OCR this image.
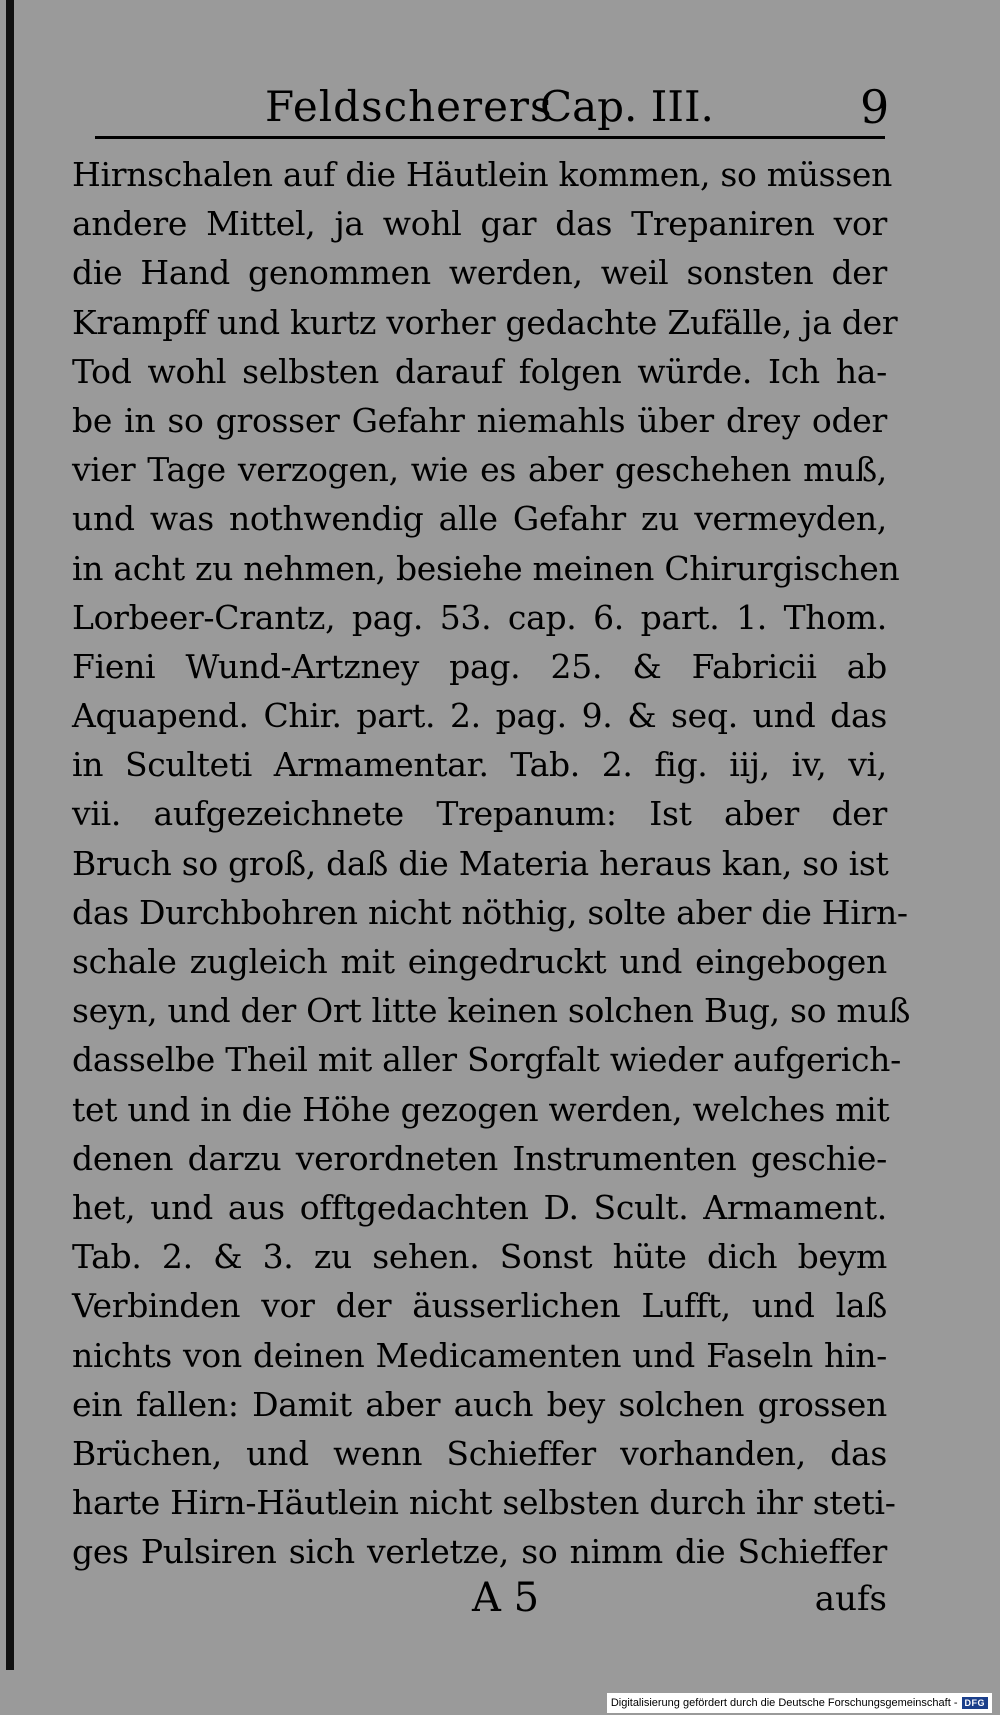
Feldscherers
Cap. III.	9
Hirnschalen auf die Häutlein kommen, so müssen
andere Mittel, ja wohl gar das Trepaniren vor
die Hand genommen werden, weil sonsten der
Krampff und kurtz vorher gedachte Zufälle, ja der
Tod wohl selbsten darauf folgen würde. Ich ha-
be in so grosser Gefahr niemahls über drey oder
vier Tage verzogen, wie es aber geschehen muß,
und was nothwendig alle Gefahr zu vermeyden,
in acht zu nehmen, besiehe meinen Chirurgischen
Lorbeer-Crantz, pag. 53. cap. 6. part. 1. Thom.
Fieni Wund-Artzney pag. 25. & Fabricii ab
Aquapend. Chir. part. 2. pag. 9. & seq. und das
in Sculteti Armamentar. Tab. 2. fig. iij, iv, vi,
vii. aufgezeichnete Trepanum: Ist aber der
Bruch so groß, daß die Materia heraus kan, so ist
das Durchbohren nicht nöthig, solte aber die Hirn-
schale zugleich mit eingedruckt und eingebogen
seyn, und der Ort litte keinen solchen Bug, so muß
dasselbe Theil mit aller Sorgfalt wieder aufgerich-
tet und in die Höhe gezogen werden, welches mit
denen darzu verordneten Instrumenten geschie-
het, und aus offtgedachten D. Scult. Armament.
Tab. 2. & 3. zu sehen. Sonst hüte dich beym
Verbinden vor der äusserlichen Lufft, und laß
nichts von deinen Medicamenten und Faseln hin-
ein fallen: Damit aber auch bey solchen grossen
Brüchen, und wenn Schieffer vorhanden, das
harte Hirn-Häutlein nicht selbsten durch ihr steti-
ges Pulsiren sich verletze, so nimm die Schieffer
A 5	aufs
Digitalisierung gefördert durch die Deutsche Forschungsgemeinschaft - DFG
